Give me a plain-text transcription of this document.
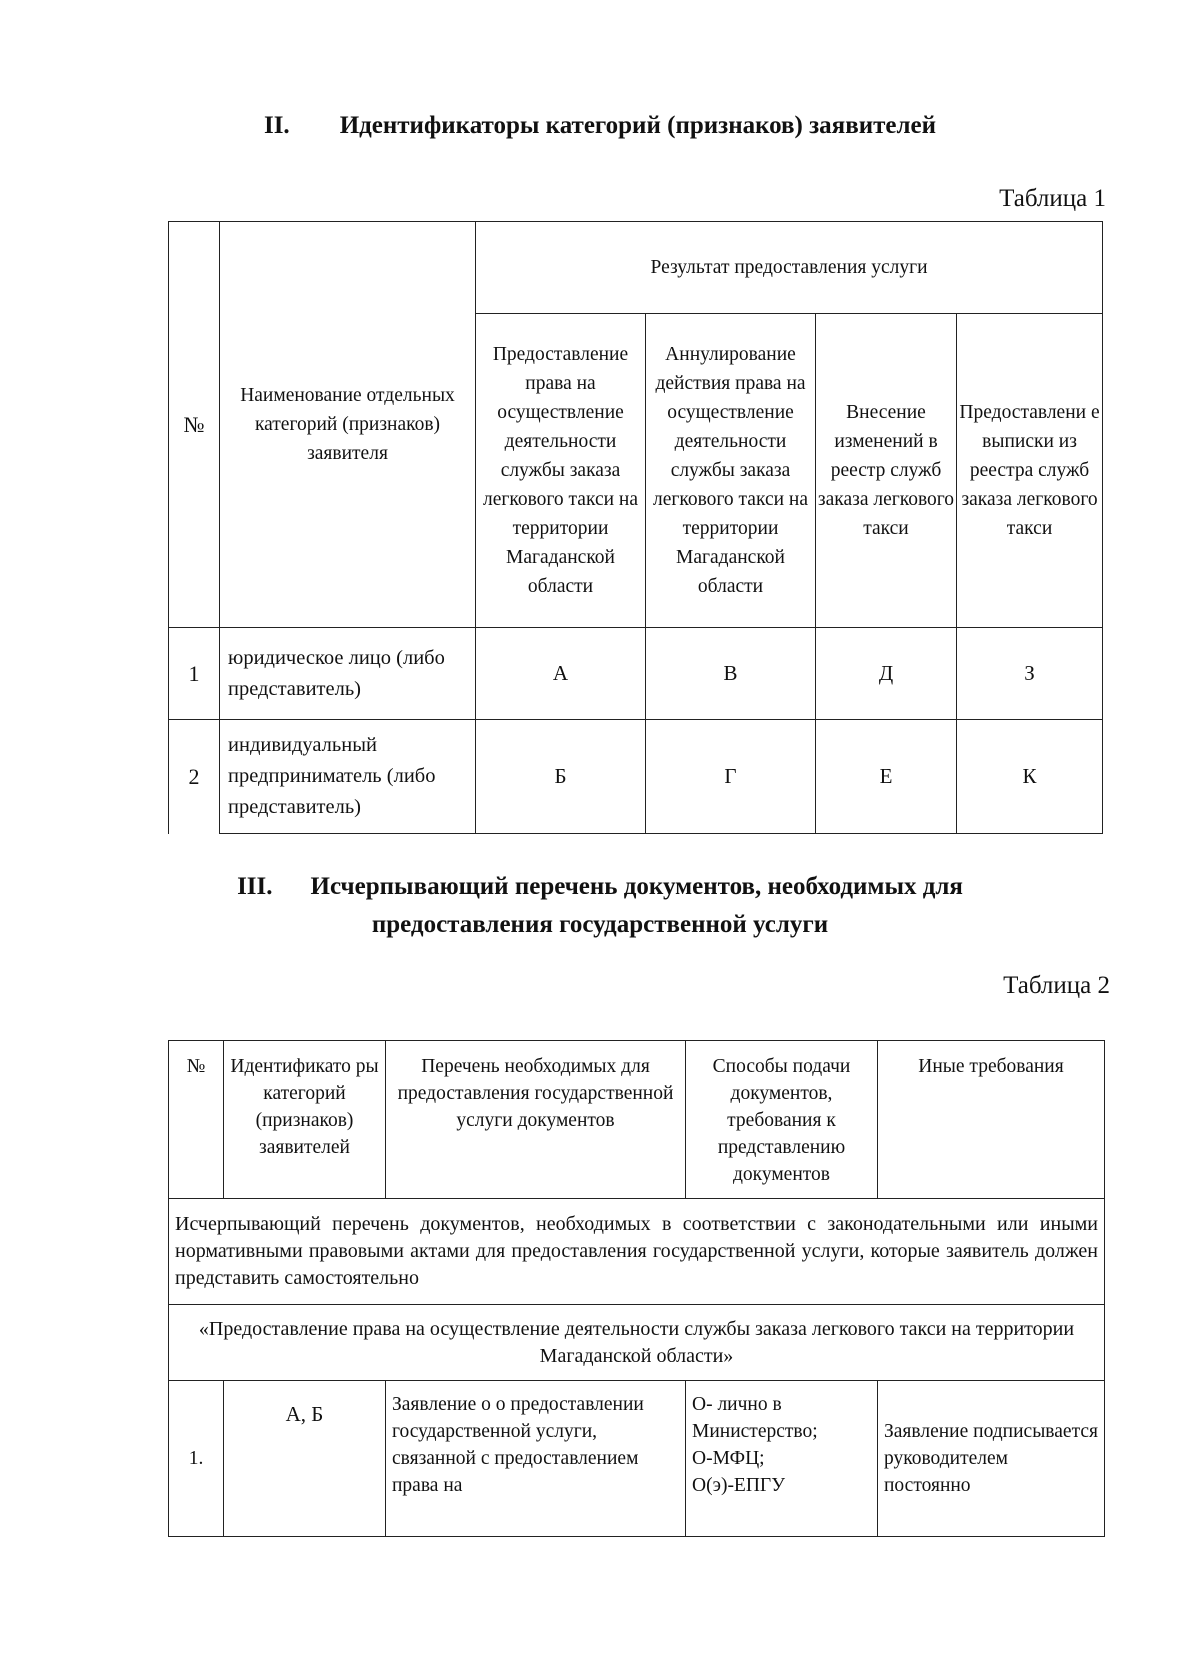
II. Идентификаторы категорий (признаков) заявителей
Таблица 1
№	Наименование отдельных категорий (признаков) заявителя	Результат предоставления услуги			
		Предоставление права на осуществление деятельности службы заказа легкового такси на территории Магаданской области	Аннулирование действия права на осуществление деятельности службы заказа легкового такси на территории Магаданской области	Внесение изменений в реестр служб заказа легкового такси	Предоставлени е выписки из реестра служб заказа легкового такси
1	юридическое лицо (либо представитель)	А	В	Д	З
2	индивидуальный предприниматель (либо представитель)	Б	Г	Е	К
III. Исчерпывающий перечень документов, необходимых для
предоставления государственной услуги
Таблица 2
№	Идентификато ры категорий (признаков) заявителей	Перечень необходимых для предоставления государственной услуги документов	Способы подачи документов, требования к представлению документов	Иные требования
Исчерпывающий перечень документов, необходимых в соответствии с законодательными или иными нормативными правовыми актами для предоставления государственной услуги, которые заявитель должен представить самостоятельно				
«Предоставление права на осуществление деятельности службы заказа легкового такси на территории Магаданской области»				
1.	А, Б	Заявление о о предоставлении государственной услуги, связанной с предоставлением права на	О- лично в Министерство;
О-МФЦ;
О(э)-ЕПГУ	Заявление подписывается руководителем постоянно
